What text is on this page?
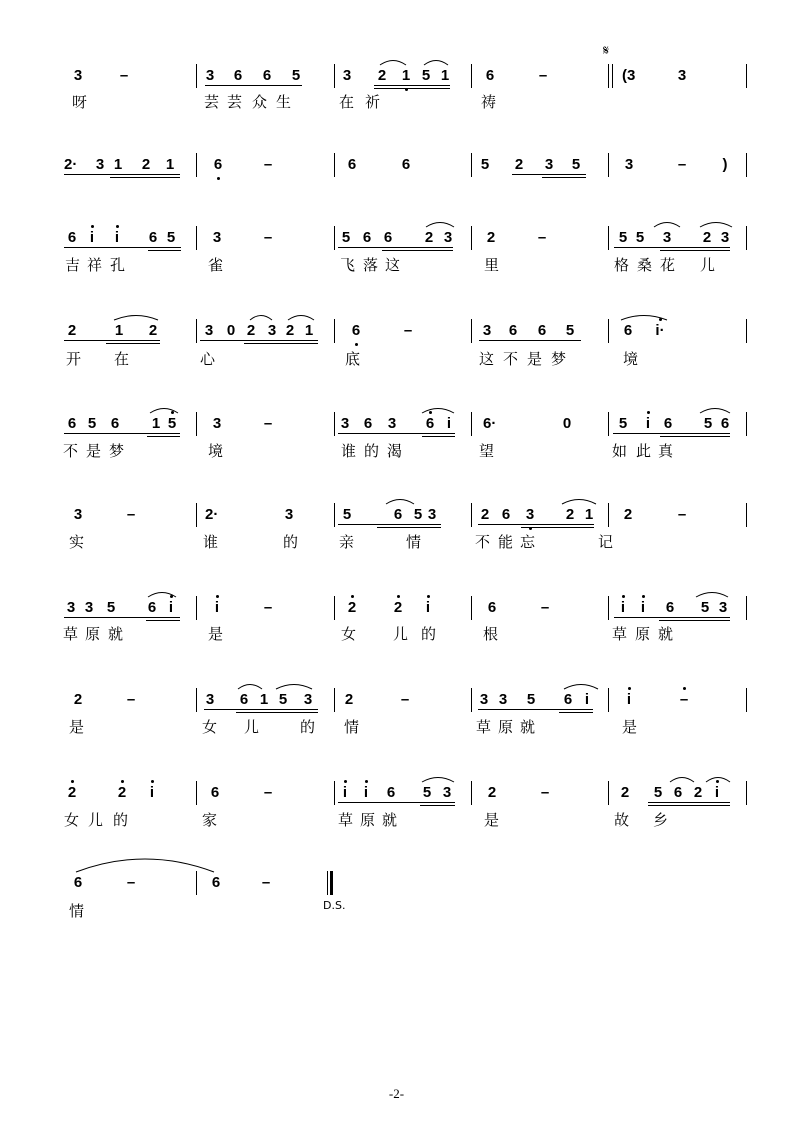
3	–	3 6 6 5	3 2 1 5 1 6	–	(3	3
呀	芸 芸 众 生	在 祈	祷
2· 3 1 2 1	6	–	6	6	5 2 3 5	3	– )
6 i i 6 5	3	–	5 6 6 2 3 2	–	5 5 3 2 3
吉 祥 孔	雀	飞 落 这	里	格 桑 花 儿
2	1 2	3 0 2 3 2 1	6	–	3 6 6 5	6 i·
开 在	心	底	这 不 是 梦	境
6 5 6 1 5 3	–	3 6 3 6 i 6·	0	5 i 6 5 6
不 是 梦	境	谁 的 渴	望	如 此 真
3	–	2·	3	5	6 5 3	2 6 3 2 1 2	–
实	谁	的	亲	情	不 能 忘	记
3 3 5 6 i	i	–	2	2 i	6	–	i i 6 5 3
草 原 就	是	女 儿 的	根	草 原 就
2	–	3 6 1 5 3 2	–	3 3 5 6 i	i	–
是	女 儿	的 情	草 原 就	是
2	2 i	6	–	i i 6 5 3 2	–	2 5 6 2 i
女 儿 的	家	草 原 就	是	故 乡
6	–	6	–
情
𝄋
D.S.
-2-
